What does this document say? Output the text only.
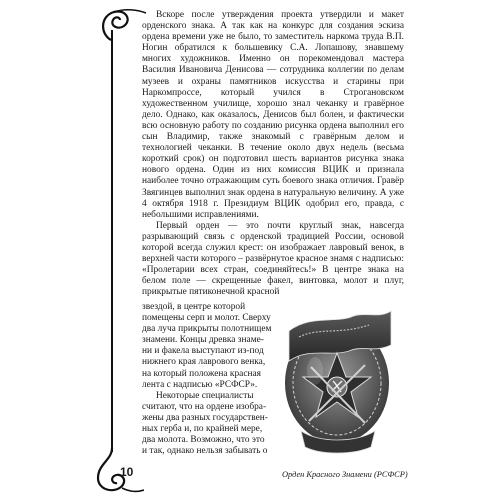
Вскоре после утверждения проекта утвердили и макет орденского знака. А так как на конкурс для создания эскиза ордена времени уже не было, то заместитель наркома труда В.П. Ногин обратился к большевику С.А. Лопашову, знавшему многих художников. Именно он порекомендовал мастера Василия Ивановича Денисова — сотрудника коллегии по делам музеев и охраны памятников искусства и старины при Наркомпроссе, который учился в Строгановском художественном училище, хорошо знал чеканку и гравёрное дело. Однако, как оказалось, Денисов был болен, и фактически всю основную работу по созданию рисунка ордена выполнил его сын Владимир, также знакомый с гравёрным делом и технологией чеканки. В течение около двух недель (весьма короткий срок) он подготовил шесть вариантов рисунка знака нового ордена. Один из них комиссия ВЦИК и признала наиболее точно отражающим суть боевого знака отличия. Гравёр Звягинцев выполнил знак ордена в натуральную величину. А уже 4 октября 1918 г. Президиум ВЦИК одобрил его, правда, с небольшими исправлениями.

Первый орден — это почти круглый знак, навсегда разрывающий связь с орденской традицией России, основой которой всегда служил крест: он изображает лавровый венок, в верхней части которого – развёрнутое красное знамя с надписью: «Пролетарии всех стран, соединяйтесь!» В центре знака на белом поле — скрещенные факел, винтовка, молот и плуг, прикрытые пятиконечной красной

звездой, в центре которой

помещены серп и молот. Сверху

два луча прикрыты полотнищем

знамени. Концы древка знаме-

ни и факела выступают из-под

нижнего края лаврового венка,

на который положена красная

лента с надписью «РСФСР».

Некоторые специалисты

считают, что на ордене изобра-

жены два разных государствен-

ных герба и, по крайней мере,

два молота. Возможно, что это

и так, однако нельзя забывать о

Орден Красного Знамени (РСФСР)
10
